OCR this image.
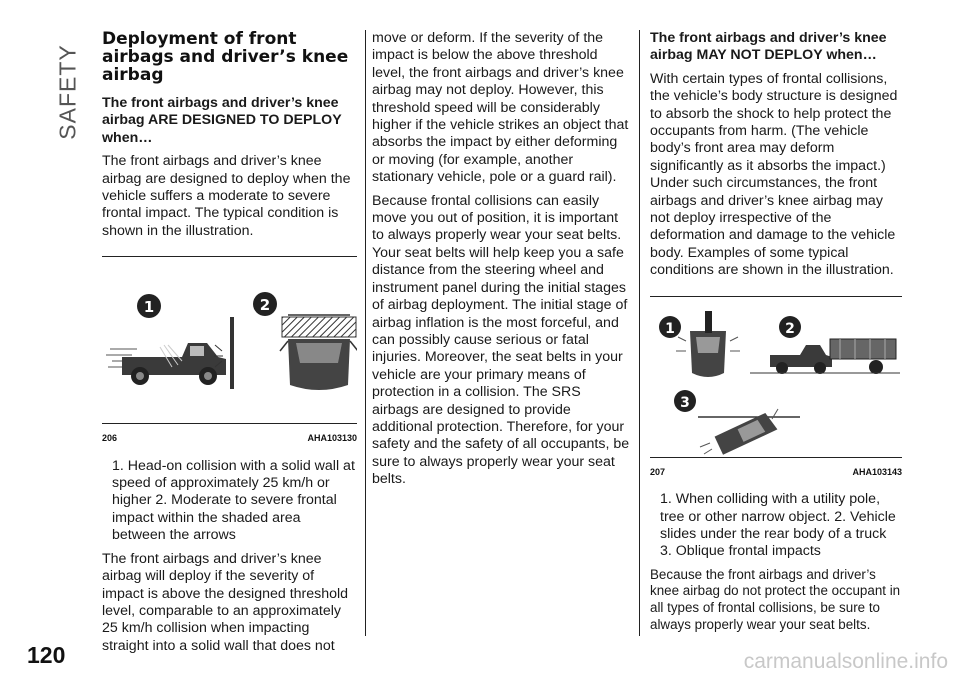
SAFETY
120	carmanualsonline.info
Deployment of front airbags and driver’s knee airbag
The front airbags and driver’s knee airbag ARE DESIGNED TO DEPLOY when…

The front airbags and driver’s knee airbag are designed to deploy when the vehicle suffers a moderate to severe frontal impact. The typical condition is shown in the illustration.

1	2
206	AHA103130
1. Head-on collision with a solid wall at speed of approximately 25 km/h or higher 2. Moderate to severe frontal impact within the shaded area between the arrows

The front airbags and driver’s knee airbag will deploy if the severity of impact is above the designed threshold level, comparable to an approximately 25 km/h collision when impacting straight into a solid wall that does not

move or deform. If the severity of the impact is below the above threshold level, the front airbags and driver’s knee airbag may not deploy. However, this threshold speed will be considerably higher if the vehicle strikes an object that absorbs the impact by either deforming or moving (for example, another stationary vehicle, pole or a guard rail).

Because frontal collisions can easily move you out of position, it is important to always properly wear your seat belts. Your seat belts will help keep you a safe distance from the steering wheel and instrument panel during the initial stages of airbag deployment. The initial stage of airbag inflation is the most forceful, and can possibly cause serious or fatal injuries. Moreover, the seat belts in your vehicle are your primary means of protection in a collision. The SRS airbags are designed to provide additional protection. Therefore, for your safety and the safety of all occupants, be sure to always properly wear your seat belts.

The front airbags and driver’s knee airbag MAY NOT DEPLOY when…

With certain types of frontal collisions, the vehicle’s body structure is designed to absorb the shock to help protect the occupants from harm. (The vehicle body’s front area may deform significantly as it absorbs the impact.) Under such circumstances, the front airbags and driver’s knee airbag may not deploy irrespective of the deformation and damage to the vehicle body. Examples of some typical conditions are shown in the illustration.

1	2
3
207	AHA103143
1. When colliding with a utility pole, tree or other narrow object. 2. Vehicle slides under the rear body of a truck 3. Oblique frontal impacts

Because the front airbags and driver’s knee airbag do not protect the occupant in all types of frontal collisions, be sure to always properly wear your seat belts.
